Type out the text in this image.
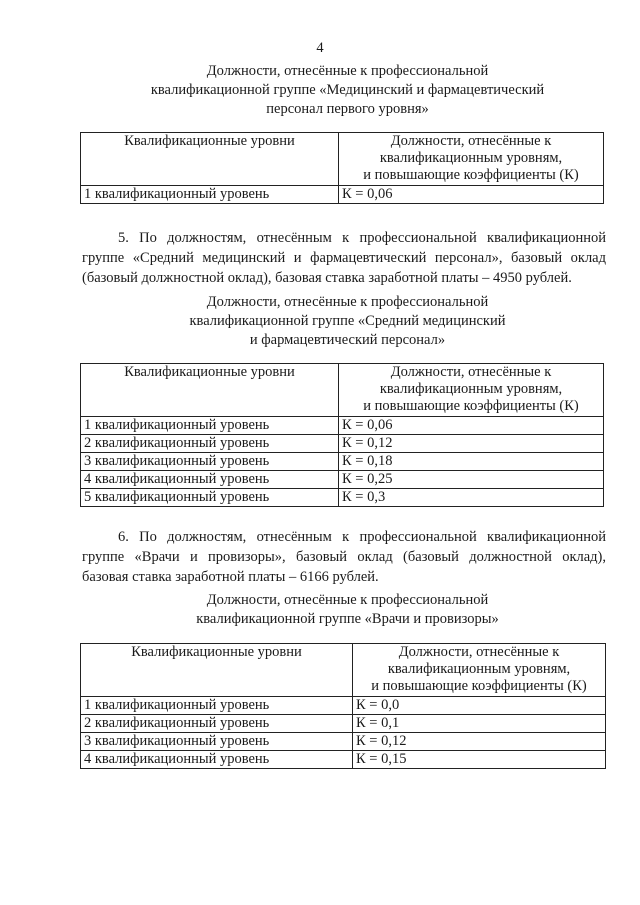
4
Должности, отнесённые к профессиональной
квалификационной группе «Медицинский и фармацевтический
персонал первого уровня»
Квалификационные уровни	Должности, отнесённые к
квалификационным уровням,
и повышающие коэффициенты (К)

1 квалификационный уровень	К = 0,06
5. По должностям, отнесённым к профессиональной квалификационной
группе «Средний медицинский и фармацевтический персонал», базовый оклад
(базовый должностной оклад), базовая ставка заработной платы – 4950 рублей.
Должности, отнесённые к профессиональной
квалификационной группе «Средний медицинский
и фармацевтический персонал»
Квалификационные уровни	Должности, отнесённые к
квалификационным уровням,
и повышающие коэффициенты (К)

1 квалификационный уровень	К = 0,06
2 квалификационный уровень	К = 0,12
3 квалификационный уровень	К = 0,18
4 квалификационный уровень	К = 0,25
5 квалификационный уровень	К = 0,3
6. По должностям, отнесённым к профессиональной квалификационной
группе «Врачи и провизоры», базовый оклад (базовый должностной оклад),
базовая ставка заработной платы – 6166 рублей.
Должности, отнесённые к профессиональной
квалификационной группе «Врачи и провизоры»
Квалификационные уровни	Должности, отнесённые к
квалификационным уровням,
и повышающие коэффициенты (К)

1 квалификационный уровень	К = 0,0
2 квалификационный уровень	К = 0,1
3 квалификационный уровень	К = 0,12
4 квалификационный уровень	К = 0,15
